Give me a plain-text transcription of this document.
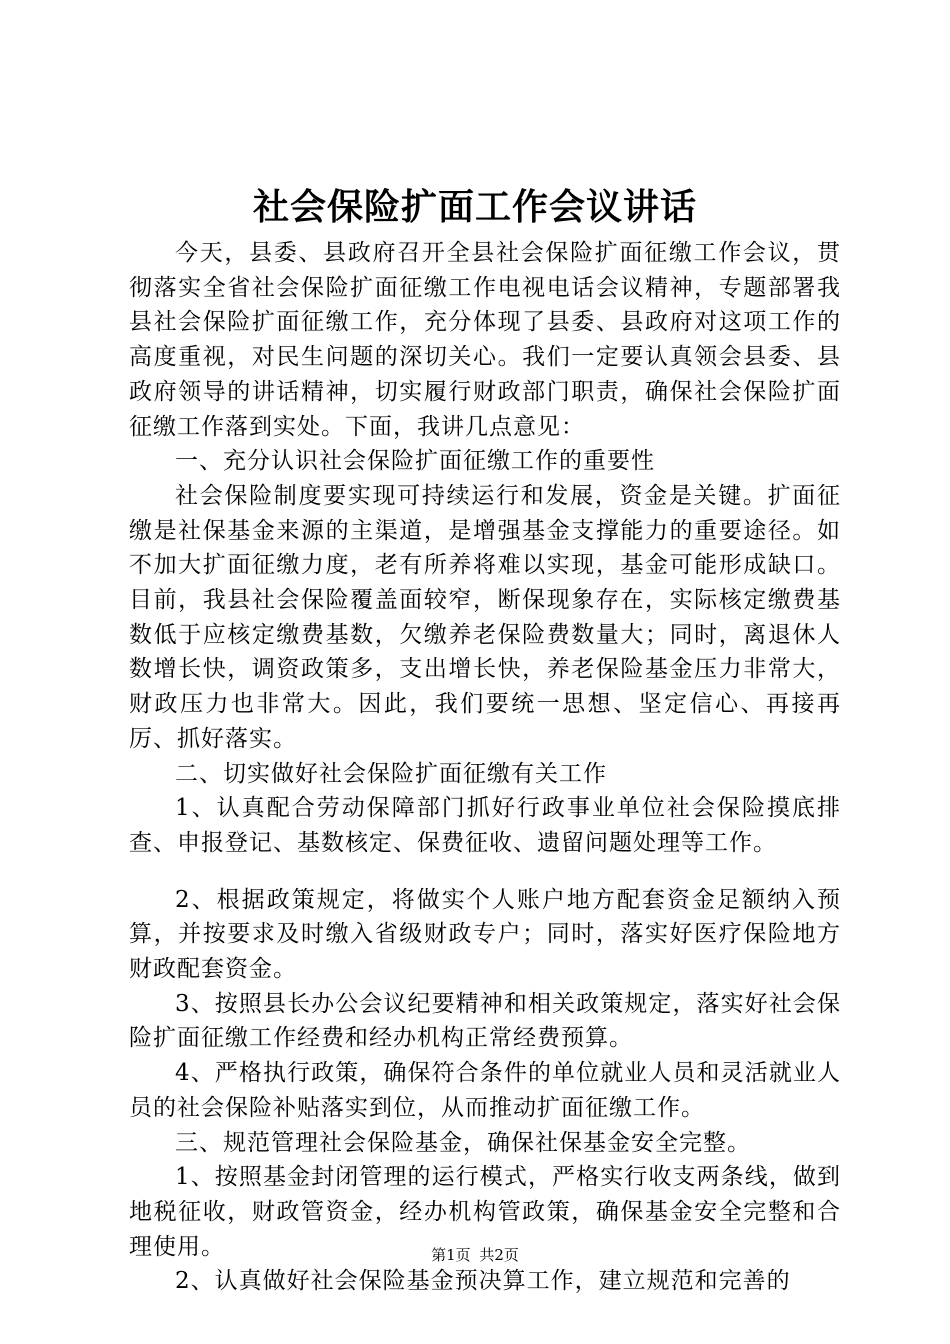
社会保险扩面工作会议讲话

今天，县委、县政府召开全县社会保险扩面征缴工作会议，贯彻落实全省社会保险扩面征缴工作电视电话会议精神，专题部署我县社会保险扩面征缴工作，充分体现了县委、县政府对这项工作的高度重视，对民生问题的深切关心。我们一定要认真领会县委、县政府领导的讲话精神，切实履行财政部门职责，确保社会保险扩面征缴工作落到实处。下面，我讲几点意见：

一、充分认识社会保险扩面征缴工作的重要性

社会保险制度要实现可持续运行和发展，资金是关键。扩面征缴是社保基金来源的主渠道，是增强基金支撑能力的重要途径。如不加大扩面征缴力度，老有所养将难以实现，基金可能形成缺口。目前，我县社会保险覆盖面较窄，断保现象存在，实际核定缴费基数低于应核定缴费基数，欠缴养老保险费数量大；同时，离退休人数增长快，调资政策多，支出增长快，养老保险基金压力非常大，财政压力也非常大。因此，我们要统一思想、坚定信心、再接再厉、抓好落实。

二、切实做好社会保险扩面征缴有关工作

1、认真配合劳动保障部门抓好行政事业单位社会保险摸底排查、申报登记、基数核定、保费征收、遗留问题处理等工作。

2、根据政策规定，将做实个人账户地方配套资金足额纳入预算，并按要求及时缴入省级财政专户；同时，落实好医疗保险地方财政配套资金。

3、按照县长办公会议纪要精神和相关政策规定，落实好社会保险扩面征缴工作经费和经办机构正常经费预算。

4、严格执行政策，确保符合条件的单位就业人员和灵活就业人员的社会保险补贴落实到位，从而推动扩面征缴工作。

三、规范管理社会保险基金，确保社保基金安全完整。

1、按照基金封闭管理的运行模式，严格实行收支两条线，做到地税征收，财政管资金，经办机构管政策，确保基金安全完整和合理使用。

2、认真做好社会保险基金预决算工作，建立规范和完善的

第1页 共2页
